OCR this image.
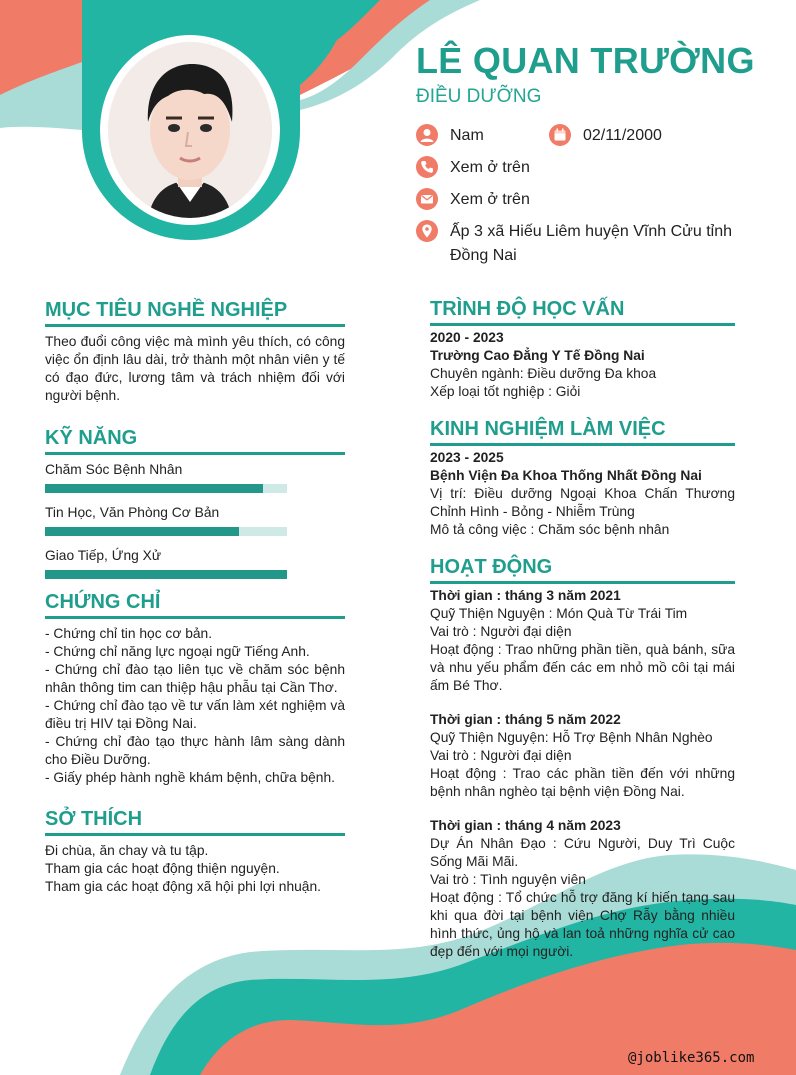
LÊ QUAN TRƯỜNG
ĐIỀU DƯỠNG
Nam	02/11/2000
Xem ở trên
Xem ở trên
Ấp 3 xã Hiếu Liêm huyện Vĩnh Cửu tỉnh
Đồng Nai
MỤC TIÊU NGHỀ NGHIỆP
Theo đuổi công việc mà mình yêu thích, có công việc ổn định lâu dài, trở thành một nhân viên y tế có đạo đức, lương tâm và trách nhiệm đối với người bệnh.
KỸ NĂNG
Chăm Sóc Bệnh Nhân
Tin Học, Văn Phòng Cơ Bản
Giao Tiếp, Ứng Xử
CHỨNG CHỈ
- Chứng chỉ tin học cơ bản.
- Chứng chỉ năng lực ngoại ngữ Tiếng Anh.
- Chứng chỉ đào tạo liên tục về chăm sóc bệnh nhân thông tim can thiệp hậu phẫu tại Cần Thơ.
- Chứng chỉ đào tạo về tư vấn làm xét nghiệm và điều trị HIV tại Đồng Nai.
- Chứng chỉ đào tạo thực hành lâm sàng dành cho Điều Dưỡng.
- Giấy phép hành nghề khám bệnh, chữa bệnh.
SỞ THÍCH
Đi chùa, ăn chay và tu tập.
Tham gia các hoạt động thiện nguyện.
Tham gia các hoạt động xã hội phi lợi nhuận.
TRÌNH ĐỘ HỌC VẤN
2020 - 2023
Trường Cao Đẳng Y Tế Đồng Nai
Chuyên ngành: Điều dưỡng Đa khoa
Xếp loại tốt nghiệp : Giỏi
KINH NGHIỆM LÀM VIỆC
2023 - 2025
Bệnh Viện Đa Khoa Thống Nhất Đồng Nai
Vị trí: Điều dưỡng Ngoại Khoa Chấn Thương Chỉnh Hình - Bỏng - Nhiễm Trùng
Mô tả công việc : Chăm sóc bệnh nhân
HOẠT ĐỘNG
Thời gian : tháng 3 năm 2021
Quỹ Thiện Nguyện : Món Quà Từ Trái Tim
Vai trò : Người đại diện
Hoạt động : Trao những phần tiền, quà bánh, sữa và nhu yếu phẩm đến các em nhỏ mồ côi tại mái ấm Bé Thơ.
Thời gian : tháng 5 năm 2022
Quỹ Thiện Nguyện: Hỗ Trợ Bệnh Nhân Nghèo
Vai trò : Người đại diện
Hoạt động : Trao các phần tiền đến với những bệnh nhân nghèo tại bệnh viện Đồng Nai.
Thời gian : tháng 4 năm 2023
Dự Án Nhân Đạo : Cứu Người, Duy Trì Cuộc Sống Mãi Mãi.
Vai trò : Tình nguyện viên
Hoạt động : Tổ chức hỗ trợ đăng kí hiến tạng sau khi qua đời tại bệnh viện Chợ Rẫy bằng nhiều hình thức, ủng hộ và lan toả những nghĩa cử cao đẹp đến với mọi người.
@joblike365.com
